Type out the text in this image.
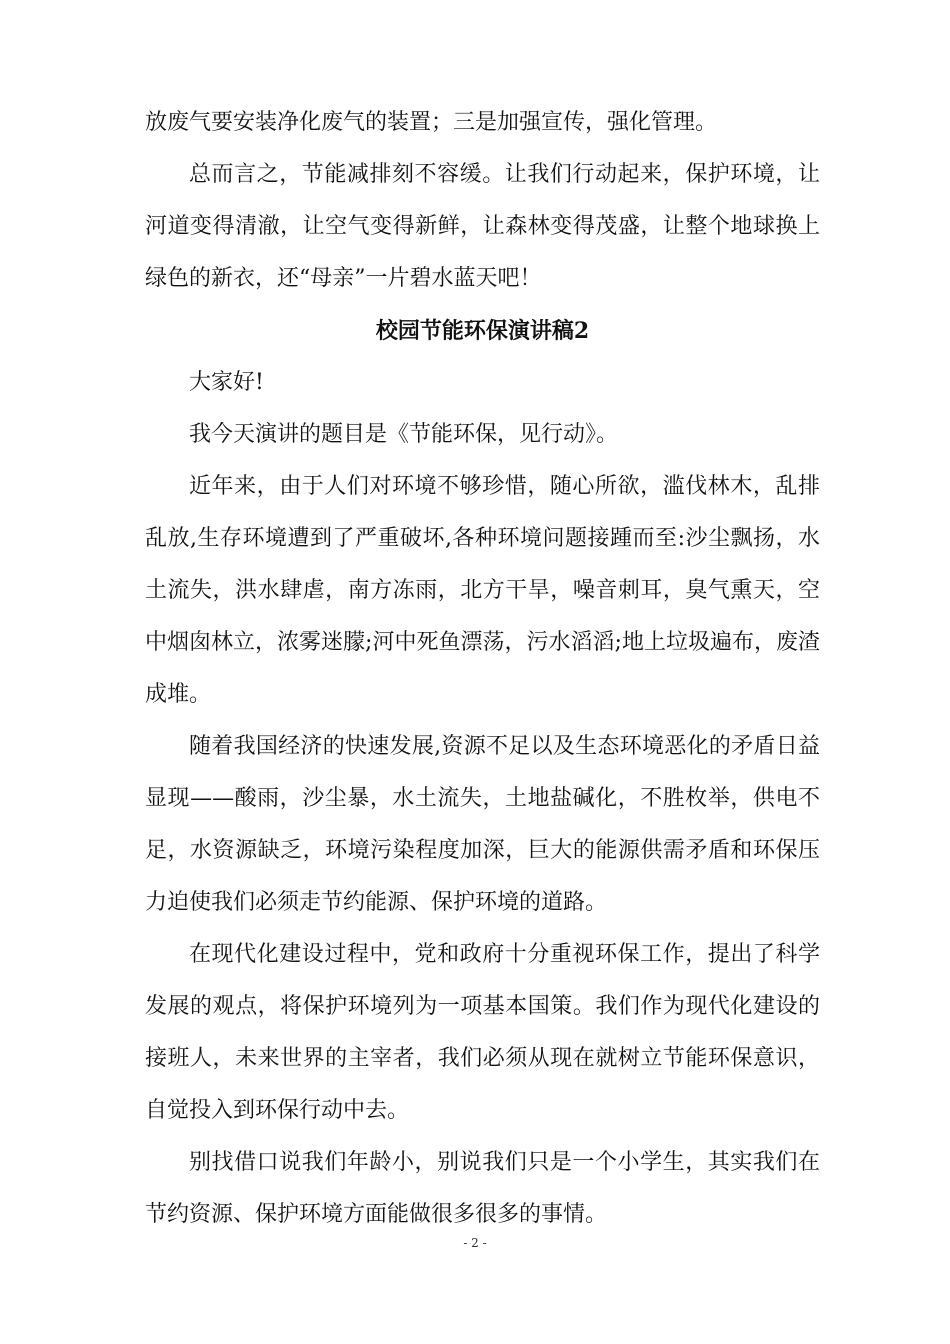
放废气要安装净化废气的装置；三是加强宣传，强化管理。

总而言之，节能减排刻不容缓。让我们行动起来，保护环境，让河道变得清澈，让空气变得新鲜，让森林变得茂盛，让整个地球换上绿色的新衣，还“母亲”一片碧水蓝天吧！

校园节能环保演讲稿2

大家好!

我今天演讲的题目是《节能环保，见行动》。

近年来，由于人们对环境不够珍惜，随心所欲，滥伐林木，乱排乱放,生存环境遭到了严重破坏,各种环境问题接踵而至:沙尘飘扬，水土流失，洪水肆虐，南方冻雨，北方干旱，噪音刺耳，臭气熏天，空中烟囱林立，浓雾迷朦;河中死鱼漂荡，污水滔滔;地上垃圾遍布，废渣成堆。

随着我国经济的快速发展,资源不足以及生态环境恶化的矛盾日益显现——酸雨，沙尘暴，水土流失，土地盐碱化，不胜枚举，供电不足，水资源缺乏，环境污染程度加深，巨大的能源供需矛盾和环保压力迫使我们必须走节约能源、保护环境的道路。

在现代化建设过程中，党和政府十分重视环保工作，提出了科学发展的观点，将保护环境列为一项基本国策。我们作为现代化建设的接班人，未来世界的主宰者，我们必须从现在就树立节能环保意识，自觉投入到环保行动中去。

别找借口说我们年龄小，别说我们只是一个小学生，其实我们在节约资源、保护环境方面能做很多很多的事情。

- 2 -
